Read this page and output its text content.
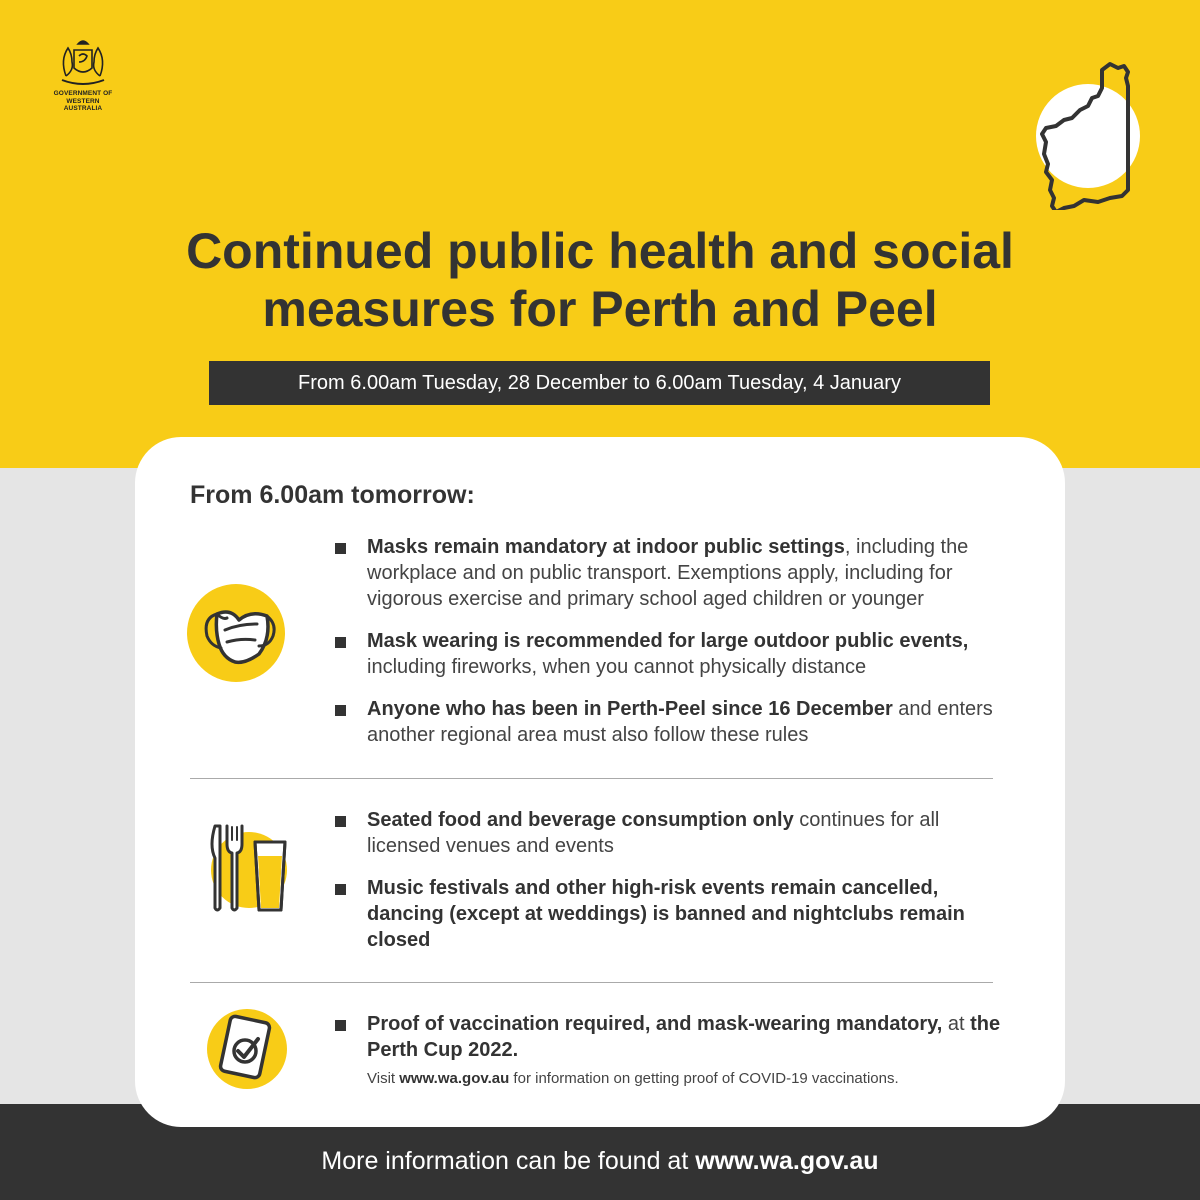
GOVERNMENT OF
WESTERN AUSTRALIA
Continued public health and social
measures for Perth and Peel
From 6.00am Tuesday, 28 December to 6.00am Tuesday, 4 January
From 6.00am tomorrow:
Masks remain mandatory at indoor public settings, including the workplace and on public transport. Exemptions apply, including for vigorous exercise and primary school aged children or younger
Mask wearing is recommended for large outdoor public events, including fireworks, when you cannot physically distance
Anyone who has been in Perth-Peel since 16 December and enters another regional area must also follow these rules
Seated food and beverage consumption only continues for all licensed venues and events
Music festivals and other high-risk events remain cancelled, dancing (except at weddings) is banned and nightclubs remain closed
Proof of vaccination required, and mask-wearing mandatory, at the Perth Cup 2022.
Visit www.wa.gov.au for information on getting proof of COVID-19 vaccinations.
More information can be found at www.wa.gov.au
